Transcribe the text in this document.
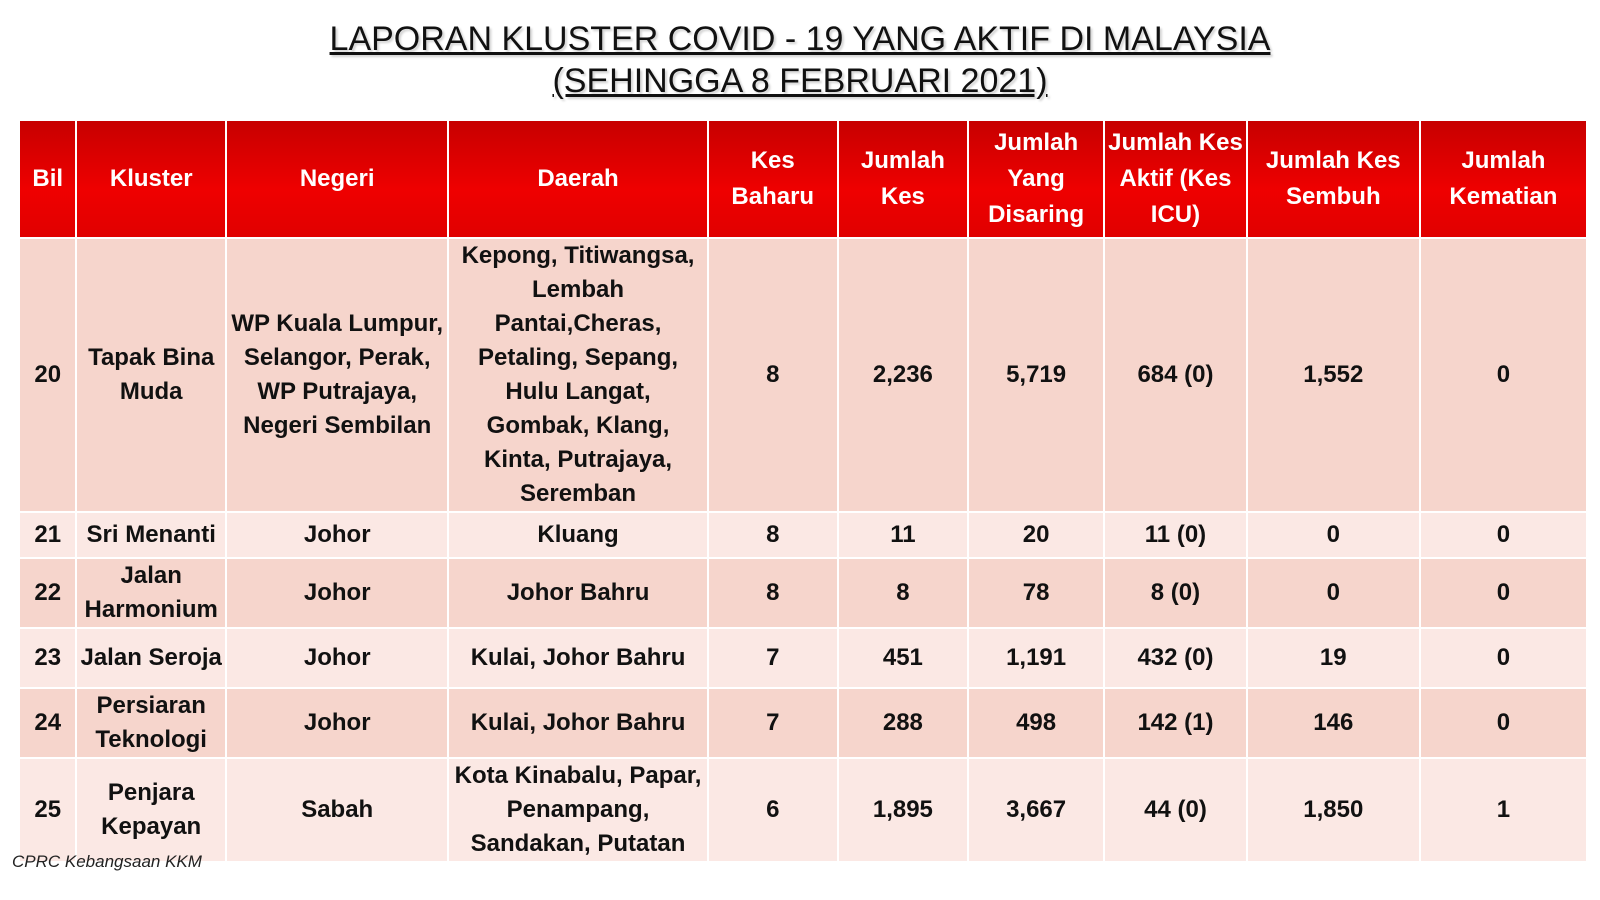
LAPORAN KLUSTER COVID - 19 YANG AKTIF DI MALAYSIA
(SEHINGGA 8 FEBRUARI 2021)
Bil	Kluster	Negeri	Daerah	Kes Baharu	Jumlah Kes	Jumlah Yang Disaring	Jumlah Kes Aktif (Kes ICU)	Jumlah Kes Sembuh	Jumlah Kematian
20	Tapak Bina Muda	WP Kuala Lumpur, Selangor, Perak, WP Putrajaya, Negeri Sembilan	Kepong, Titiwangsa, Lembah Pantai,Cheras, Petaling, Sepang, Hulu Langat, Gombak, Klang, Kinta, Putrajaya, Seremban	8	2,236	5,719	684 (0)	1,552	0
21	Sri Menanti	Johor	Kluang	8	11	20	11 (0)	0	0
22	Jalan Harmonium	Johor	Johor Bahru	8	8	78	8 (0)	0	0
23	Jalan Seroja	Johor	Kulai, Johor Bahru	7	451	1,191	432 (0)	19	0
24	Persiaran Teknologi	Johor	Kulai, Johor Bahru	7	288	498	142 (1)	146	0
25	Penjara Kepayan	Sabah	Kota Kinabalu, Papar, Penampang, Sandakan, Putatan	6	1,895	3,667	44 (0)	1,850	1
CPRC Kebangsaan KKM
